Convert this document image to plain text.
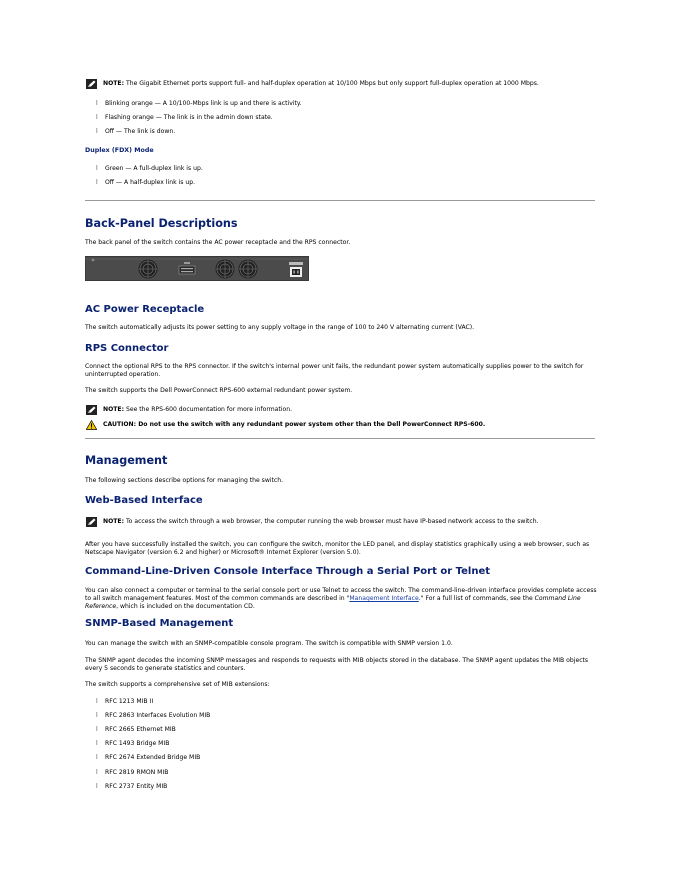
NOTE: The Gigabit Ethernet ports support full- and half-duplex operation at 10/100 Mbps but only support full-duplex operation at 1000 Mbps.
l Blinking orange — A 10/100-Mbps link is up and there is activity.
l Flashing orange — The link is in the admin down state.
l Off — The link is down.
Duplex (FDX) Mode
l Green — A full-duplex link is up.
l Off — A half-duplex link is up.
Back-Panel Descriptions
The back panel of the switch contains the AC power receptacle and the RPS connector.
AC Power Receptacle
The switch automatically adjusts its power setting to any supply voltage in the range of 100 to 240 V alternating current (VAC).
RPS Connector
Connect the optional RPS to the RPS connector. If the switch's internal power unit fails, the redundant power system automatically supplies power to the switch for uninterrupted operation.
The switch supports the Dell PowerConnect RPS-600 external redundant power system.
NOTE: See the RPS-600 documentation for more information.
CAUTION: Do not use the switch with any redundant power system other than the Dell PowerConnect RPS-600.
Management
The following sections describe options for managing the switch.
Web-Based Interface
NOTE: To access the switch through a web browser, the computer running the web browser must have IP-based network access to the switch.
After you have successfully installed the switch, you can configure the switch, monitor the LED panel, and display statistics graphically using a web browser, such as Netscape Navigator (version 6.2 and higher) or Microsoft® Internet Explorer (version 5.0).
Command-Line-Driven Console Interface Through a Serial Port or Telnet
You can also connect a computer or terminal to the serial console port or use Telnet to access the switch. The command-line-driven interface provides complete access to all switch management features. Most of the common commands are described in "Management Interface." For a full list of commands, see the Command Line Reference, which is included on the documentation CD.
SNMP-Based Management
You can manage the switch with an SNMP-compatible console program. The switch is compatible with SNMP version 1.0.
The SNMP agent decodes the incoming SNMP messages and responds to requests with MIB objects stored in the database. The SNMP agent updates the MIB objects every 5 seconds to generate statistics and counters.
The switch supports a comprehensive set of MIB extensions:
l RFC 1213 MIB II
l RFC 2863 Interfaces Evolution MIB
l RFC 2665 Ethernet MIB
l RFC 1493 Bridge MIB
l RFC 2674 Extended Bridge MIB
l RFC 2819 RMON MIB
l RFC 2737 Entity MIB
